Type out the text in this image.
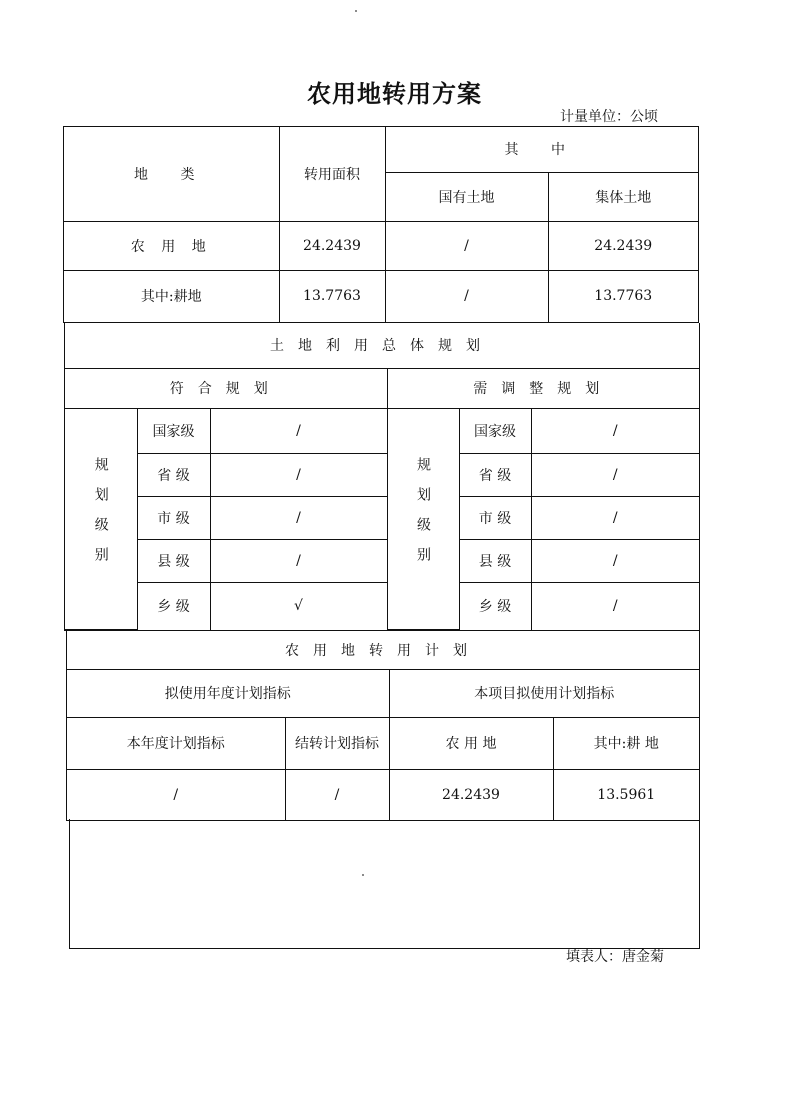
农用地转用方案
计量单位：公顷
地 类	转用面积	其 中	
		国有土地	集体土地
农 用 地	24.2439	/	24.2439
其中:耕地	13.7763	/	13.7763
土地利用总体规划					
符合规划			需调整规划		
规划级别	国家级	/	规划级别	国家级	/
	省 级	/		省 级	/
	市 级	/		市 级	/
	县 级	/		县 级	/
	乡 级	√		乡 级	/
农用地转用计划			
拟使用年度计划指标		本项目拟使用计划指标	
本年度计划指标	结转计划指标	农 用 地	其中:耕 地
/	/	24.2439	13.5961
填表人：唐金菊
